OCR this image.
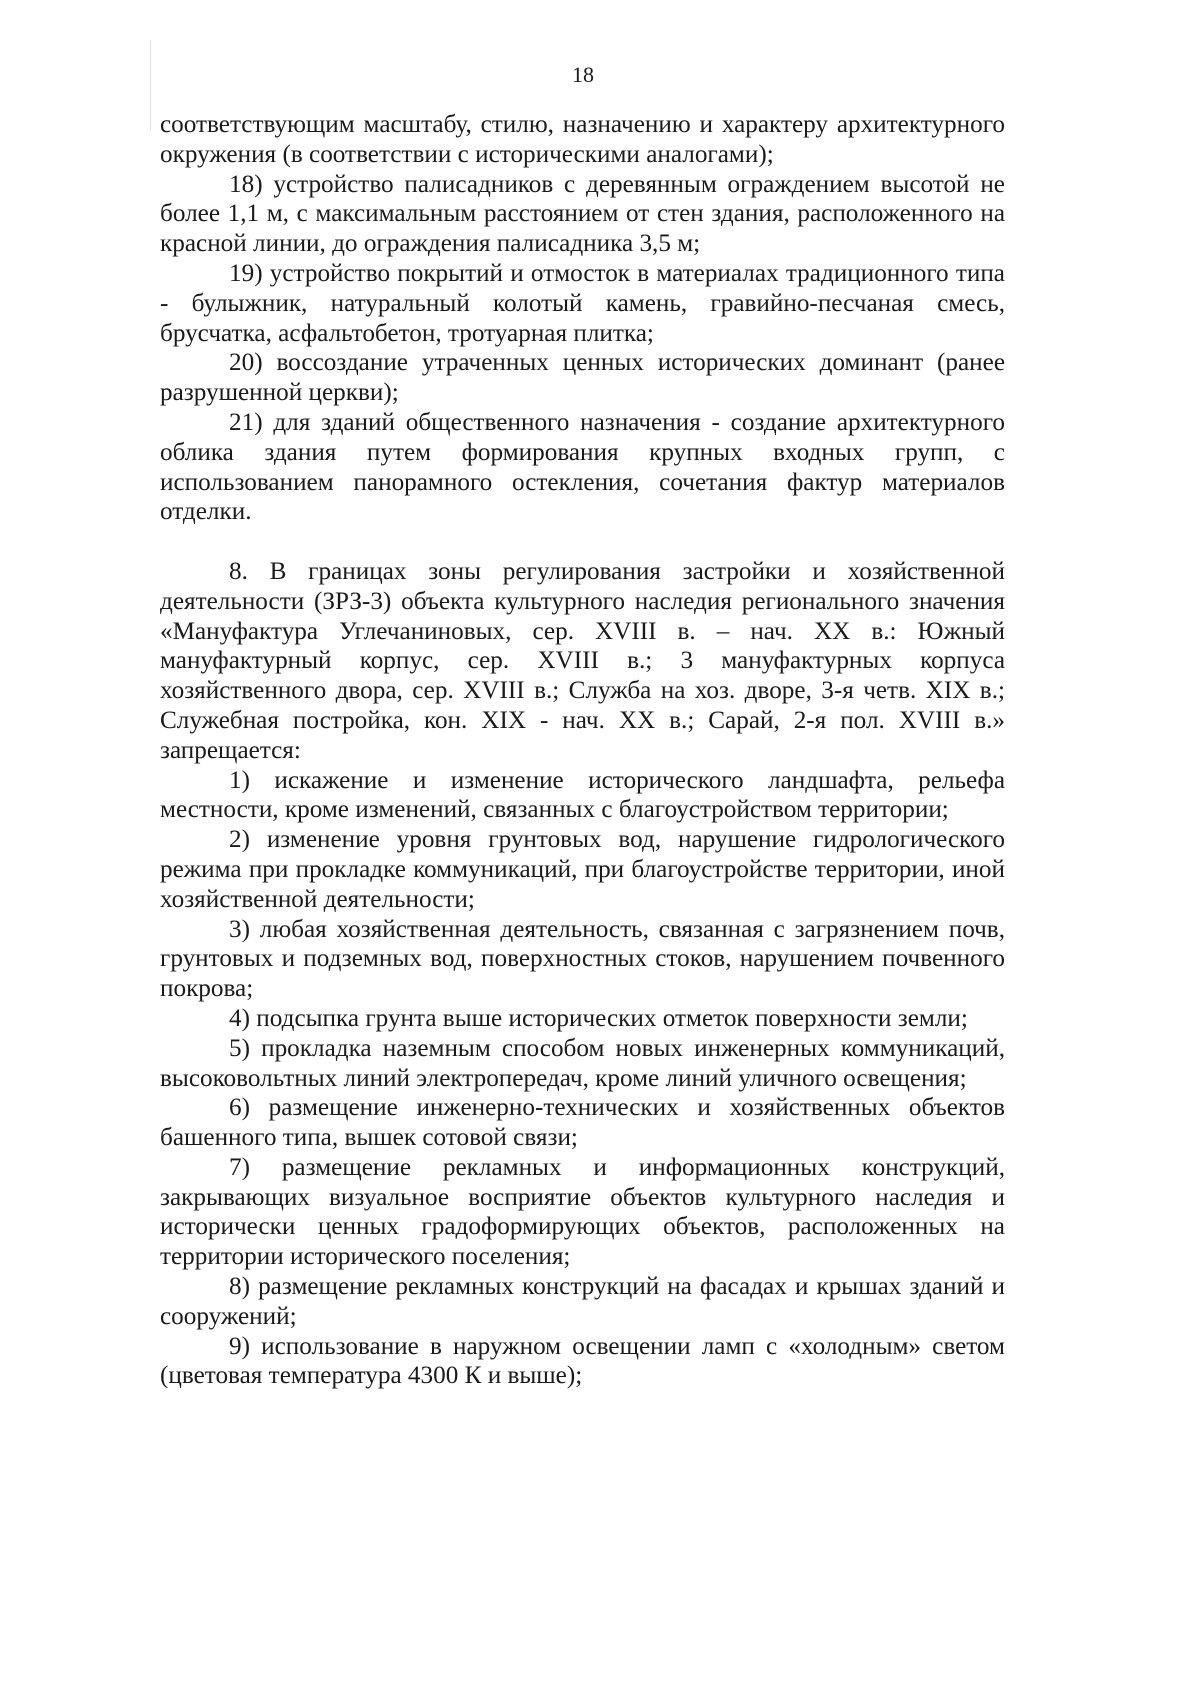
18

соответствующим масштабу, стилю, назначению и характеру архитектурного окружения (в соответствии с историческими аналогами);

18) устройство палисадников с деревянным ограждением высотой не более 1,1 м, с максимальным расстоянием от стен здания, расположенного на красной линии, до ограждения палисадника 3,5 м;

19) устройство покрытий и отмосток в материалах традиционного типа - булыжник, натуральный колотый камень, гравийно-песчаная смесь, брусчатка, асфальтобетон, тротуарная плитка;

20) воссоздание утраченных ценных исторических доминант (ранее разрушенной церкви);

21) для зданий общественного назначения - создание архитектурного облика здания путем формирования крупных входных групп, с использованием панорамного остекления, сочетания фактур материалов отделки.

8. В границах зоны регулирования застройки и хозяйственной деятельности (ЗРЗ-3) объекта культурного наследия регионального значения «Мануфактура Углечаниновых, сер. XVIII в. – нач. XX в.: Южный мануфактурный корпус, сер. XVIII в.; 3 мануфактурных корпуса хозяйственного двора, сер. XVIII в.; Служба на хоз. дворе, 3-я четв. XIX в.; Служебная постройка, кон. XIX - нач. XX в.; Сарай, 2-я пол. XVIII в.» запрещается:

1) искажение и изменение исторического ландшафта, рельефа местности, кроме изменений, связанных с благоустройством территории;

2) изменение уровня грунтовых вод, нарушение гидрологического режима при прокладке коммуникаций, при благоустройстве территории, иной хозяйственной деятельности;

3) любая хозяйственная деятельность, связанная с загрязнением почв, грунтовых и подземных вод, поверхностных стоков, нарушением почвенного покрова;

4) подсыпка грунта выше исторических отметок поверхности земли;

5) прокладка наземным способом новых инженерных коммуникаций, высоковольтных линий электропередач, кроме линий уличного освещения;

6) размещение инженерно-технических и хозяйственных объектов башенного типа, вышек сотовой связи;

7) размещение рекламных и информационных конструкций, закрывающих визуальное восприятие объектов культурного наследия и исторически ценных градоформирующих объектов, расположенных на территории исторического поселения;

8) размещение рекламных конструкций на фасадах и крышах зданий и сооружений;

9) использование в наружном освещении ламп с «холодным» светом (цветовая температура 4300 К и выше);
